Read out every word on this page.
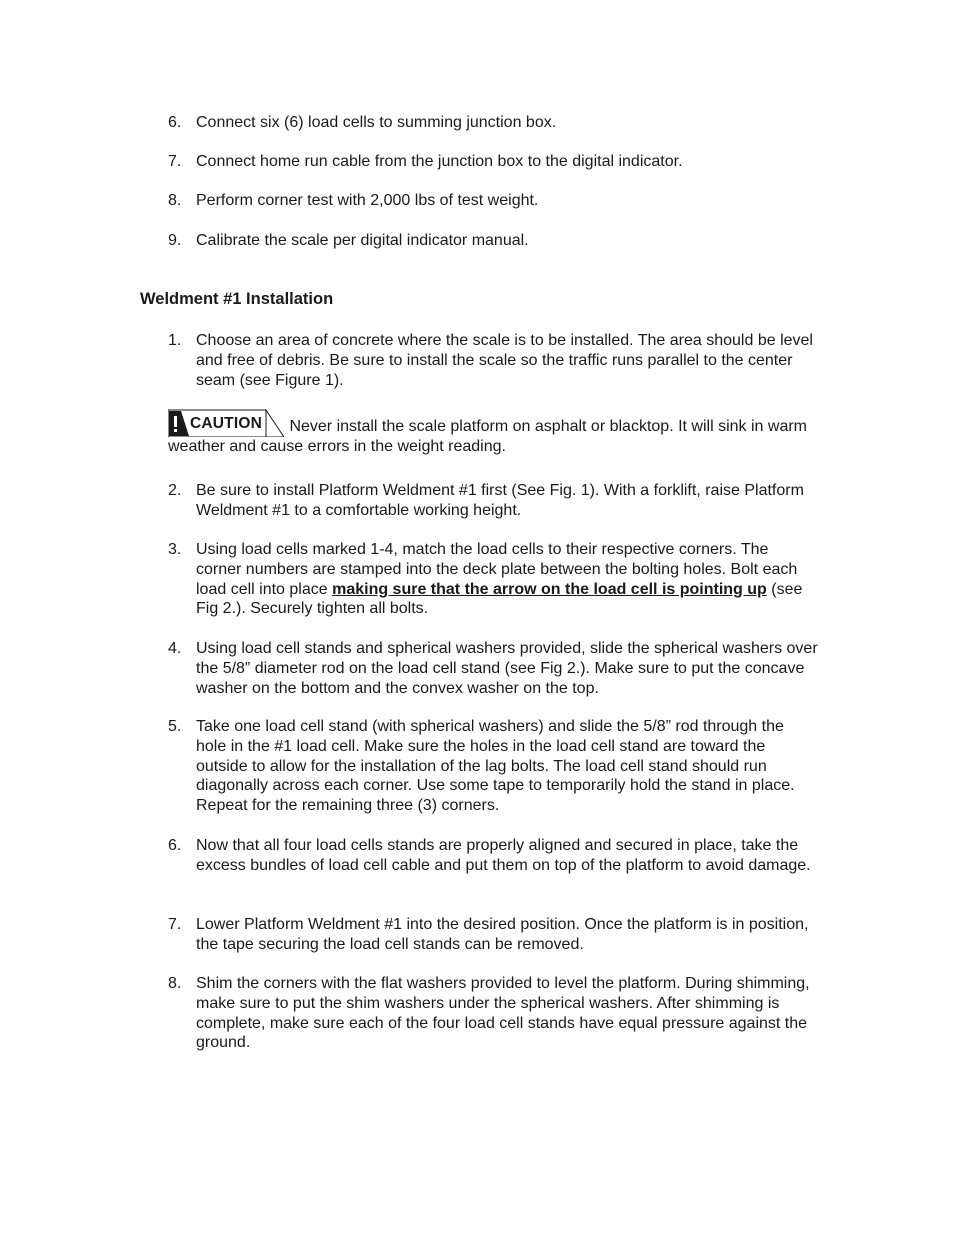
6. Connect six (6) load cells to summing junction box.
7. Connect home run cable from the junction box to the digital indicator.
8. Perform corner test with 2,000 lbs of test weight.
9. Calibrate the scale per digital indicator manual.
Weldment #1 Installation
1. Choose an area of concrete where the scale is to be installed. The area should be level and free of debris. Be sure to install the scale so the traffic runs parallel to the center seam (see Figure 1).
CAUTION Never install the scale platform on asphalt or blacktop. It will sink in warm weather and cause errors in the weight reading.
2. Be sure to install Platform Weldment #1 first (See Fig. 1). With a forklift, raise Platform Weldment #1 to a comfortable working height.
3. Using load cells marked 1-4, match the load cells to their respective corners. The corner numbers are stamped into the deck plate between the bolting holes. Bolt each load cell into place making sure that the arrow on the load cell is pointing up (see Fig 2.). Securely tighten all bolts.
4. Using load cell stands and spherical washers provided, slide the spherical washers over the 5/8” diameter rod on the load cell stand (see Fig 2.). Make sure to put the concave washer on the bottom and the convex washer on the top.
5. Take one load cell stand (with spherical washers) and slide the 5/8” rod through the hole in the #1 load cell. Make sure the holes in the load cell stand are toward the outside to allow for the installation of the lag bolts. The load cell stand should run diagonally across each corner. Use some tape to temporarily hold the stand in place. Repeat for the remaining three (3) corners.
6. Now that all four load cells stands are properly aligned and secured in place, take the excess bundles of load cell cable and put them on top of the platform to avoid damage.
7. Lower Platform Weldment #1 into the desired position. Once the platform is in position, the tape securing the load cell stands can be removed.
8. Shim the corners with the flat washers provided to level the platform. During shimming, make sure to put the shim washers under the spherical washers. After shimming is complete, make sure each of the four load cell stands have equal pressure against the ground.
